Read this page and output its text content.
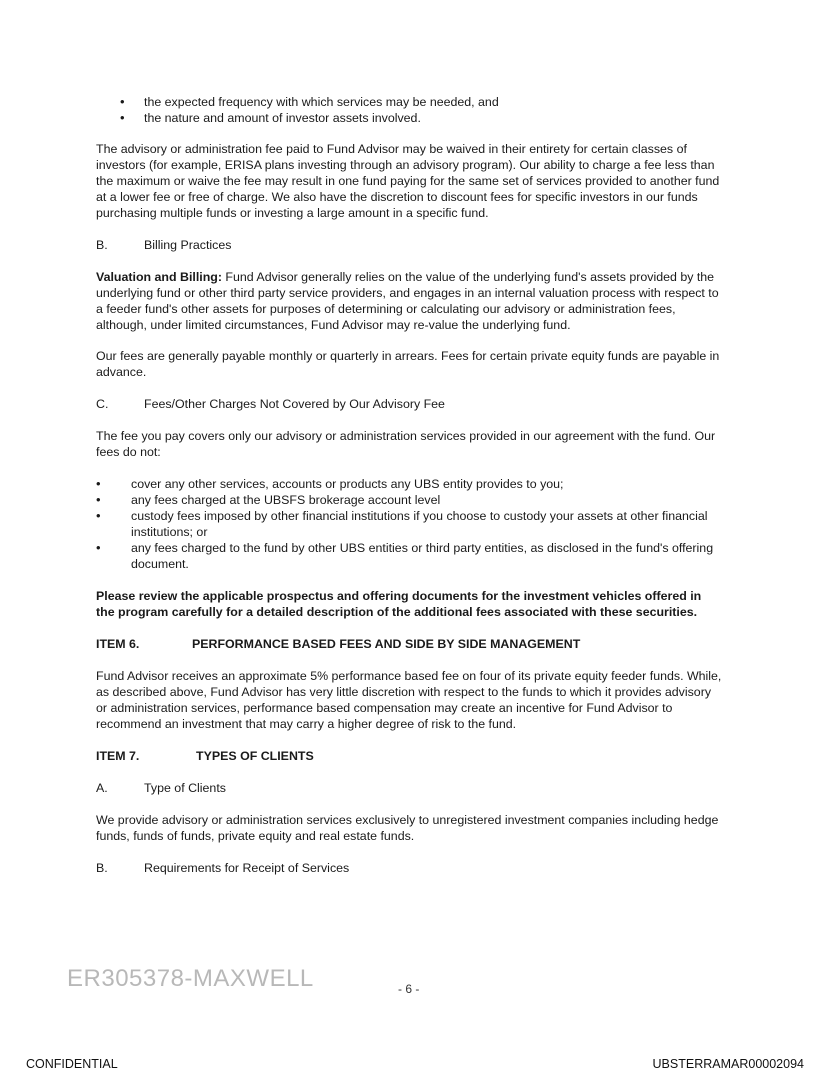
• the expected frequency with which services may be needed, and
• the nature and amount of investor assets involved.

The advisory or administration fee paid to Fund Advisor may be waived in their entirety for certain classes of investors (for example, ERISA plans investing through an advisory program). Our ability to charge a fee less than the maximum or waive the fee may result in one fund paying for the same set of services provided to another fund at a lower fee or free of charge. We also have the discretion to discount fees for specific investors in our funds purchasing multiple funds or investing a large amount in a specific fund.

B.	Billing Practices

Valuation and Billing: Fund Advisor generally relies on the value of the underlying fund's assets provided by the underlying fund or other third party service providers, and engages in an internal valuation process with respect to a feeder fund's other assets for purposes of determining or calculating our advisory or administration fees, although, under limited circumstances, Fund Advisor may re-value the underlying fund.

Our fees are generally payable monthly or quarterly in arrears. Fees for certain private equity funds are payable in advance.

C.	Fees/Other Charges Not Covered by Our Advisory Fee

The fee you pay covers only our advisory or administration services provided in our agreement with the fund. Our fees do not:

• cover any other services, accounts or products any UBS entity provides to you;
• any fees charged at the UBSFS brokerage account level
• custody fees imposed by other financial institutions if you choose to custody your assets at other financial institutions; or
• any fees charged to the fund by other UBS entities or third party entities, as disclosed in the fund's offering document.

Please review the applicable prospectus and offering documents for the investment vehicles offered in the program carefully for a detailed description of the additional fees associated with these securities.

ITEM 6.	PERFORMANCE BASED FEES AND SIDE BY SIDE MANAGEMENT

Fund Advisor receives an approximate 5% performance based fee on four of its private equity feeder funds. While, as described above, Fund Advisor has very little discretion with respect to the funds to which it provides advisory or administration services, performance based compensation may create an incentive for Fund Advisor to recommend an investment that may carry a higher degree of risk to the fund.

ITEM 7.	TYPES OF CLIENTS
A.	Type of Clients

We provide advisory or administration services exclusively to unregistered investment companies including hedge funds, funds of funds, private equity and real estate funds.

B.	Requirements for Receipt of Services
ER305378-MAXWELL	- 6 -
CONFIDENTIAL	UBSTERRAMAR00002094
